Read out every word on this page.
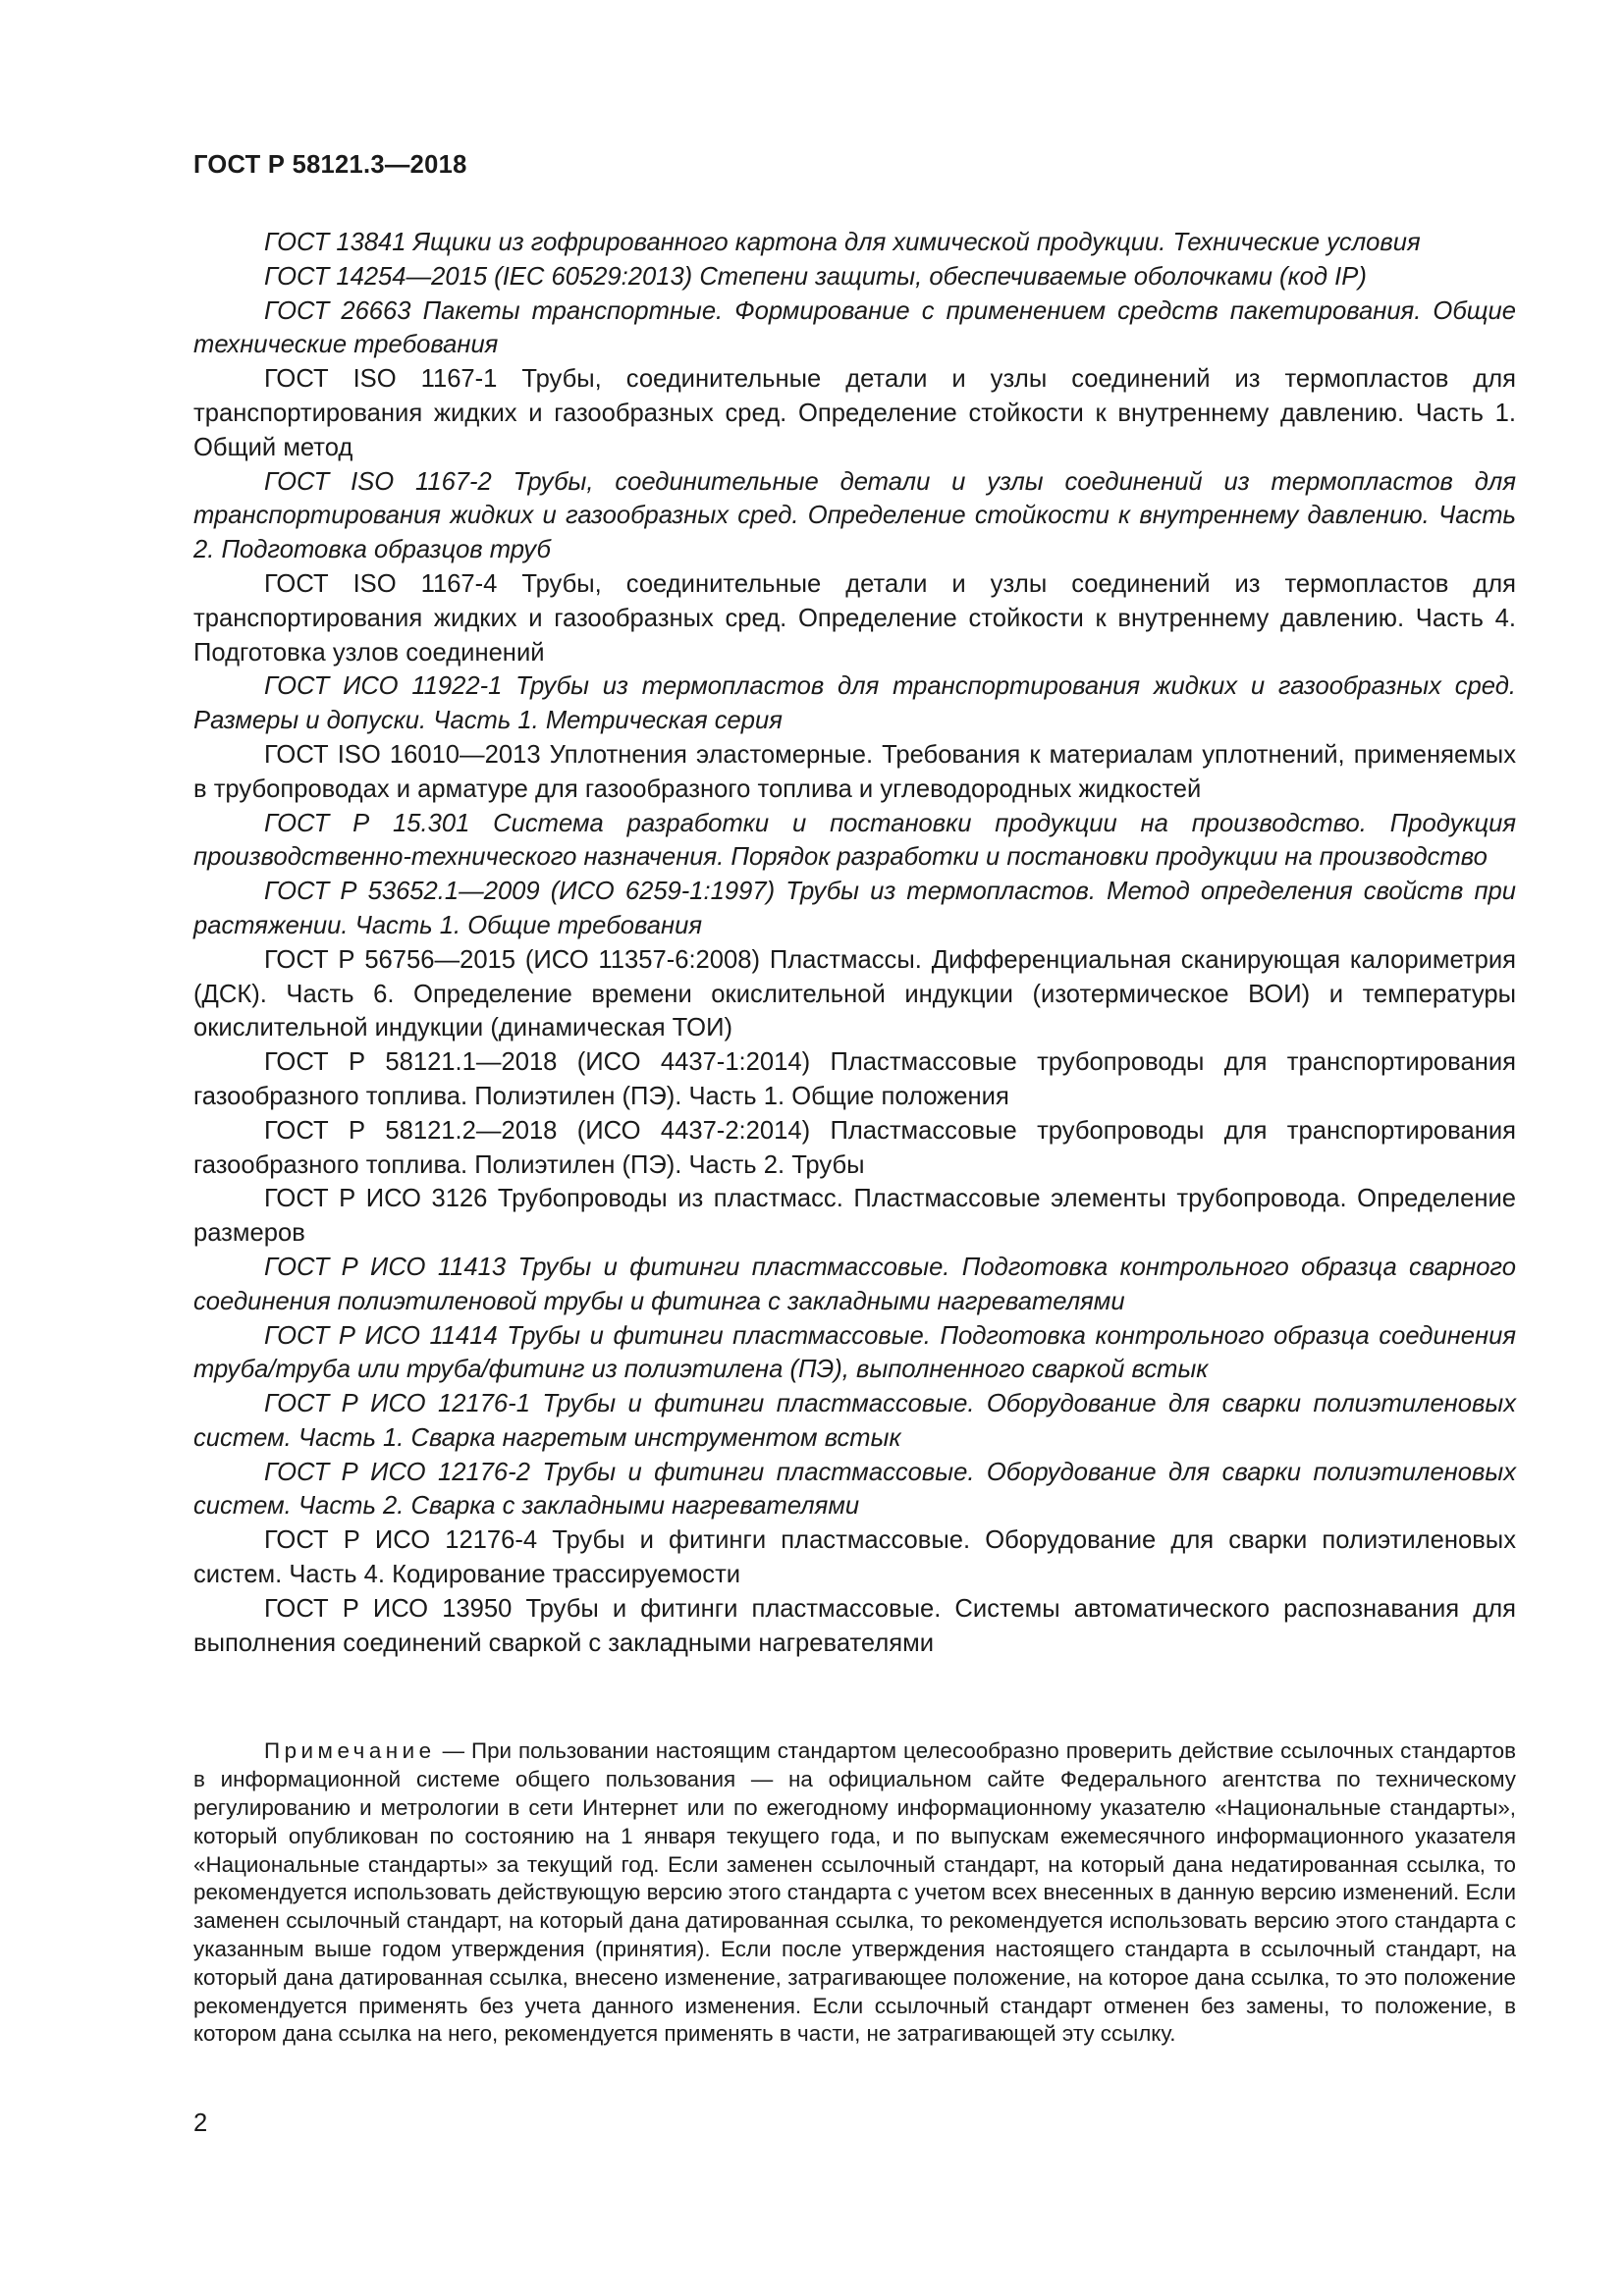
ГОСТ Р 58121.3—2018

ГОСТ 13841 Ящики из гофрированного картона для химической продукции. Технические условия

ГОСТ 14254—2015 (IEC 60529:2013) Степени защиты, обеспечиваемые оболочками (код IP)

ГОСТ 26663 Пакеты транспортные. Формирование с применением средств пакетирования. Общие технические требования

ГОСТ ISO 1167-1 Трубы, соединительные детали и узлы соединений из термопластов для транспортирования жидких и газообразных сред. Определение стойкости к внутреннему давлению. Часть 1. Общий метод

ГОСТ ISO 1167-2 Трубы, соединительные детали и узлы соединений из термопластов для транспортирования жидких и газообразных сред. Определение стойкости к внутреннему давлению. Часть 2. Подготовка образцов труб

ГОСТ ISO 1167-4 Трубы, соединительные детали и узлы соединений из термопластов для транспортирования жидких и газообразных сред. Определение стойкости к внутреннему давлению. Часть 4. Подготовка узлов соединений

ГОСТ ИСО 11922-1 Трубы из термопластов для транспортирования жидких и газообразных сред. Размеры и допуски. Часть 1. Метрическая серия

ГОСТ ISO 16010—2013 Уплотнения эластомерные. Требования к материалам уплотнений, применяемых в трубопроводах и арматуре для газообразного топлива и углеводородных жидкостей

ГОСТ Р 15.301 Система разработки и постановки продукции на производство. Продукция производственно-технического назначения. Порядок разработки и постановки продукции на производство

ГОСТ Р 53652.1—2009 (ИСО 6259-1:1997) Трубы из термопластов. Метод определения свойств при растяжении. Часть 1. Общие требования

ГОСТ Р 56756—2015 (ИСО 11357-6:2008) Пластмассы. Дифференциальная сканирующая калориметрия (ДСК). Часть 6. Определение времени окислительной индукции (изотермическое ВОИ) и температуры окислительной индукции (динамическая ТОИ)

ГОСТ Р 58121.1—2018 (ИСО 4437-1:2014) Пластмассовые трубопроводы для транспортирования газообразного топлива. Полиэтилен (ПЭ). Часть 1. Общие положения

ГОСТ Р 58121.2—2018 (ИСО 4437-2:2014) Пластмассовые трубопроводы для транспортирования газообразного топлива. Полиэтилен (ПЭ). Часть 2. Трубы

ГОСТ Р ИСО 3126 Трубопроводы из пластмасс. Пластмассовые элементы трубопровода. Определение размеров

ГОСТ Р ИСО 11413 Трубы и фитинги пластмассовые. Подготовка контрольного образца сварного соединения полиэтиленовой трубы и фитинга с закладными нагревателями

ГОСТ Р ИСО 11414 Трубы и фитинги пластмассовые. Подготовка контрольного образца соединения труба/труба или труба/фитинг из полиэтилена (ПЭ), выполненного сваркой встык

ГОСТ Р ИСО 12176-1 Трубы и фитинги пластмассовые. Оборудование для сварки полиэтиленовых систем. Часть 1. Сварка нагретым инструментом встык

ГОСТ Р ИСО 12176-2 Трубы и фитинги пластмассовые. Оборудование для сварки полиэтиленовых систем. Часть 2. Сварка с закладными нагревателями

ГОСТ Р ИСО 12176-4 Трубы и фитинги пластмассовые. Оборудование для сварки полиэтиленовых систем. Часть 4. Кодирование трассируемости

ГОСТ Р ИСО 13950 Трубы и фитинги пластмассовые. Системы автоматического распознавания для выполнения соединений сваркой с закладными нагревателями

Примечание — При пользовании настоящим стандартом целесообразно проверить действие ссылочных стандартов в информационной системе общего пользования — на официальном сайте Федерального агентства по техническому регулированию и метрологии в сети Интернет или по ежегодному информационному указателю «Национальные стандарты», который опубликован по состоянию на 1 января текущего года, и по выпускам ежемесячного информационного указателя «Национальные стандарты» за текущий год. Если заменен ссылочный стандарт, на который дана недатированная ссылка, то рекомендуется использовать действующую версию этого стандарта с учетом всех внесенных в данную версию изменений. Если заменен ссылочный стандарт, на который дана датированная ссылка, то рекомендуется использовать версию этого стандарта с указанным выше годом утверждения (принятия). Если после утверждения настоящего стандарта в ссылочный стандарт, на который дана датированная ссылка, внесено изменение, затрагивающее положение, на которое дана ссылка, то это положение рекомендуется применять без учета данного изменения. Если ссылочный стандарт отменен без замены, то положение, в котором дана ссылка на него, рекомендуется применять в части, не затрагивающей эту ссылку.

2
